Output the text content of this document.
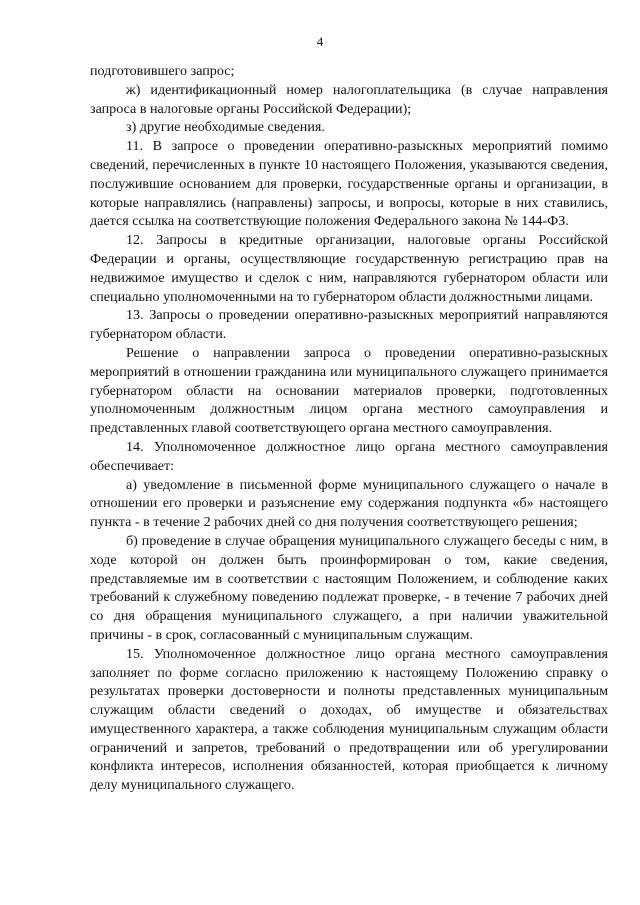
4

подготовившего запрос;

ж) идентификационный номер налогоплательщика (в случае направления запроса в налоговые органы Российской Федерации);

з) другие необходимые сведения.

11. В запросе о проведении оперативно-разыскных мероприятий помимо сведений, перечисленных в пункте 10 настоящего Положения, указываются сведения, послужившие основанием для проверки, государственные органы и организации, в которые направлялись (направлены) запросы, и вопросы, которые в них ставились, дается ссылка на соответствующие положения Федерального закона № 144-ФЗ.

12. Запросы в кредитные организации, налоговые органы Российской Федерации и органы, осуществляющие государственную регистрацию прав на недвижимое имущество и сделок с ним, направляются губернатором области или специально уполномоченными на то губернатором области должностными лицами.

13. Запросы о проведении оперативно-разыскных мероприятий направляются губернатором области.

Решение о направлении запроса о проведении оперативно-разыскных мероприятий в отношении гражданина или муниципального служащего принимается губернатором области на основании материалов проверки, подготовленных уполномоченным должностным лицом органа местного самоуправления и представленных главой соответствующего органа местного самоуправления.

14. Уполномоченное должностное лицо органа местного самоуправления обеспечивает:

а) уведомление в письменной форме муниципального служащего о начале в отношении его проверки и разъяснение ему содержания подпункта «б» настоящего пункта - в течение 2 рабочих дней со дня получения соответствующего решения;

б) проведение в случае обращения муниципального служащего беседы с ним, в ходе которой он должен быть проинформирован о том, какие сведения, представляемые им в соответствии с настоящим Положением, и соблюдение каких требований к служебному поведению подлежат проверке, - в течение 7 рабочих дней со дня обращения муниципального служащего, а при наличии уважительной причины - в срок, согласованный с муниципальным служащим.

15. Уполномоченное должностное лицо органа местного самоуправления заполняет по форме согласно приложению к настоящему Положению справку о результатах проверки достоверности и полноты представленных муниципальным служащим области сведений о доходах, об имуществе и обязательствах имущественного характера, а также соблюдения муниципальным служащим области ограничений и запретов, требований о предотвращении или об урегулировании конфликта интересов, исполнения обязанностей, которая приобщается к личному делу муниципального служащего.
